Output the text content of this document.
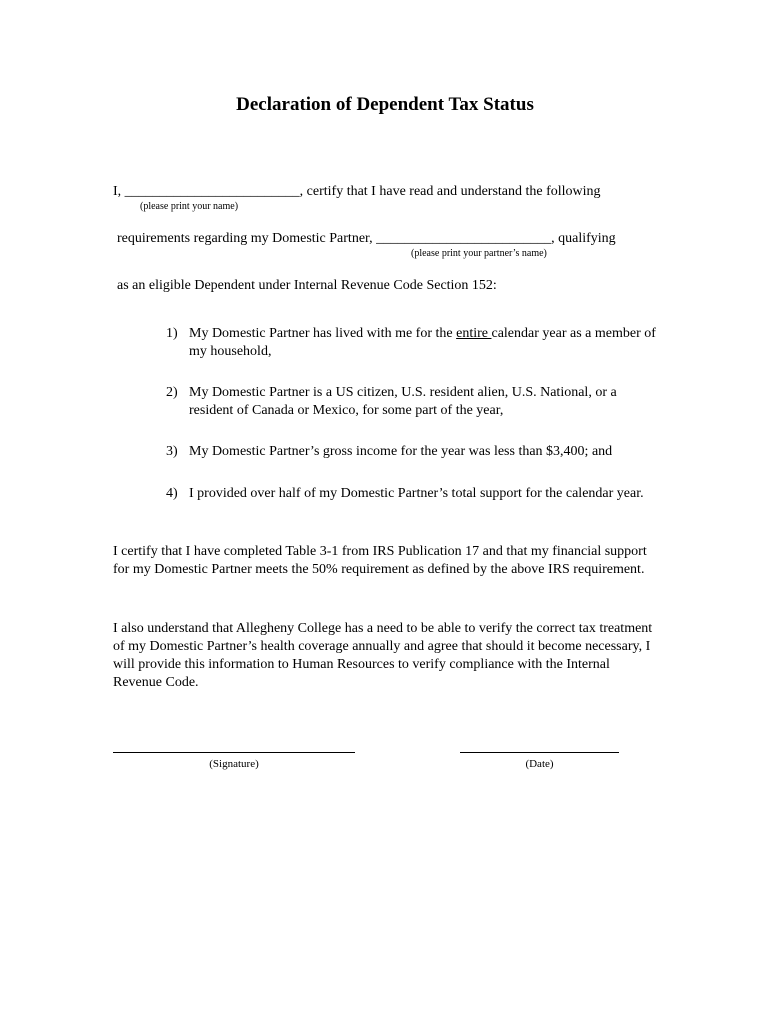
Declaration of Dependent Tax Status
I, _________________________, certify that I have read and understand the following
(please print your name)
requirements regarding my Domestic Partner, _________________________, qualifying
(please print your partner’s name)
as an eligible Dependent under Internal Revenue Code Section 152:
1) My Domestic Partner has lived with me for the entire calendar year as a member of my household,
2) My Domestic Partner is a US citizen, U.S. resident alien, U.S. National, or a resident of Canada or Mexico, for some part of the year,
3) My Domestic Partner’s gross income for the year was less than $3,400; and
4) I provided over half of my Domestic Partner’s total support for the calendar year.
I certify that I have completed Table 3-1 from IRS Publication 17 and that my financial support for my Domestic Partner meets the 50% requirement as defined by the above IRS requirement.
I also understand that Allegheny College has a need to be able to verify the correct tax treatment of my Domestic Partner’s health coverage annually and agree that should it become necessary, I will provide this information to Human Resources to verify compliance with the Internal Revenue Code.
(Signature)	(Date)
